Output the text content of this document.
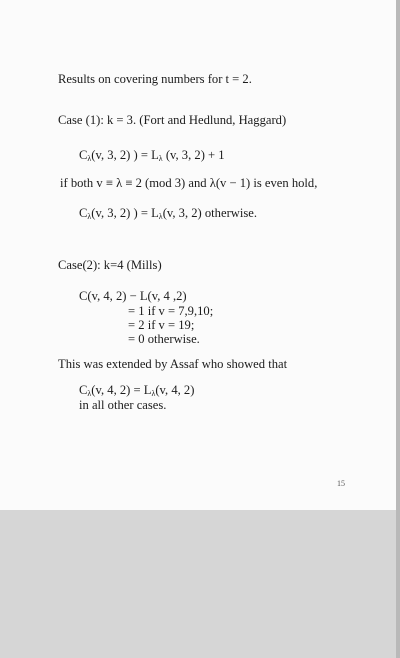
Results on covering numbers for t = 2.
Case (1): k = 3. (Fort and Hedlund, Haggard)
$C_\lambda(v$, 3, 2) ) = $L_\lambda$ (v, 3, 2) + 1
if both v ≡ λ ≡ 2 (mod 3) and λ(v − 1) is even hold,
$C_\lambda(v$, 3, 2) ) = $L_\lambda(v$, 3, 2) otherwise.
Case(2): k=4 (Mills)
C(v, 4, 2) − L(v, 4 ,2)
= 1 if v = 7,9,10;
= 2 if v = 19;
= 0 otherwise.
This was extended by Assaf who showed that
$C_\lambda(v$, 4, $2) = L_\lambda(v$, 4, 2)
in all other cases.
15
